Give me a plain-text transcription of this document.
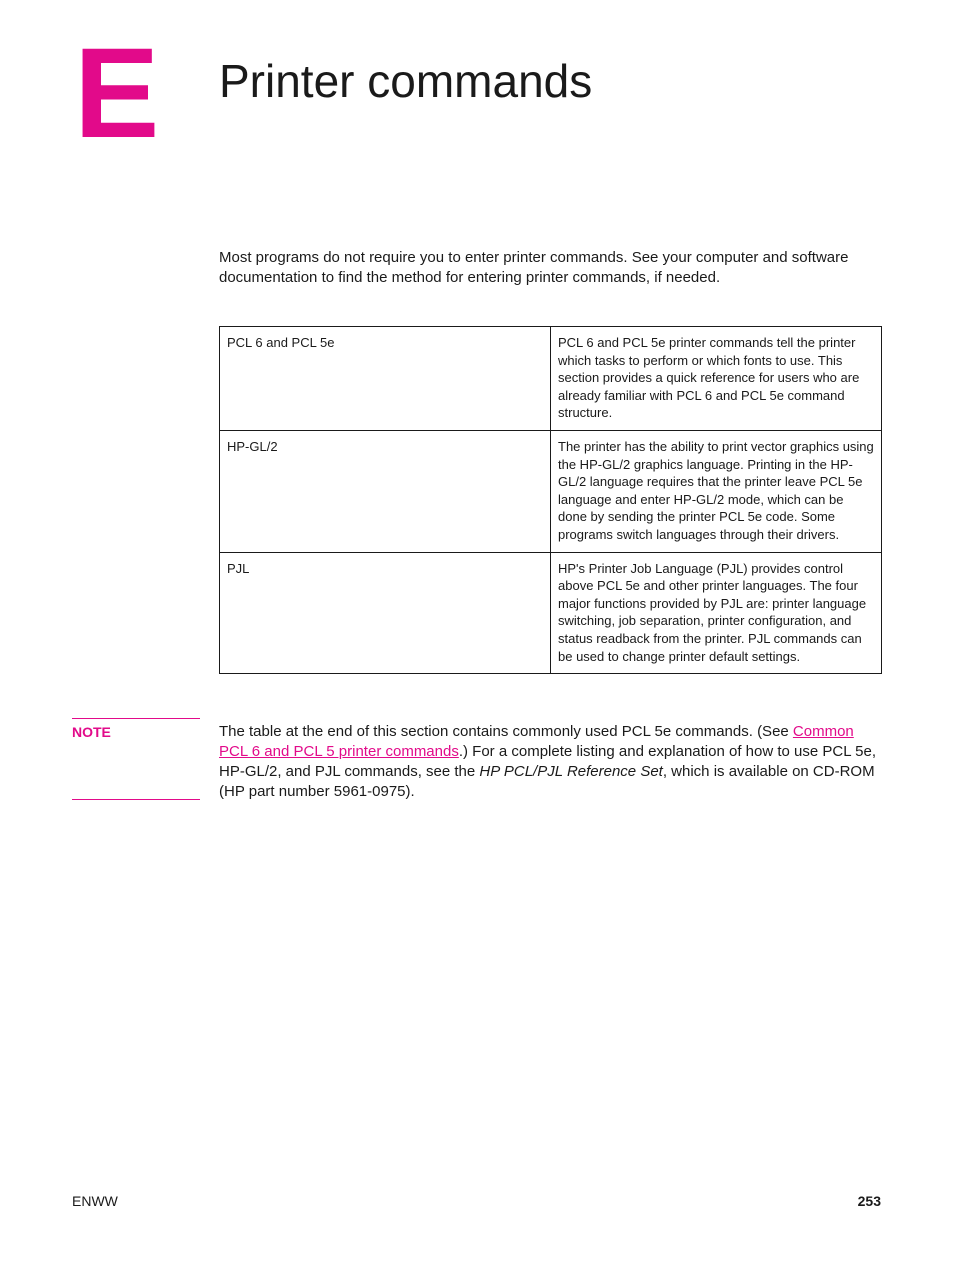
E Printer commands

Most programs do not require you to enter printer commands. See your computer and software documentation to find the method for entering printer commands, if needed.

PCL 6 and PCL 5e	PCL 6 and PCL 5e printer commands tell the printer which tasks to perform or which fonts to use. This section provides a quick reference for users who are already familiar with PCL 6 and PCL 5e command structure.
HP-GL/2	The printer has the ability to print vector graphics using the HP-GL/2 graphics language. Printing in the HP-GL/2 language requires that the printer leave PCL 5e language and enter HP-GL/2 mode, which can be done by sending the printer PCL 5e code. Some programs switch languages through their drivers.
PJL	HP's Printer Job Language (PJL) provides control above PCL 5e and other printer languages. The four major functions provided by PJL are: printer language switching, job separation, printer configuration, and status readback from the printer. PJL commands can be used to change printer default settings.
NOTE	The table at the end of this section contains commonly used PCL 5e commands. (See Common PCL 6 and PCL 5 printer commands.) For a complete listing and explanation of how to use PCL 5e, HP-GL/2, and PJL commands, see the HP PCL/PJL Reference Set, which is available on CD-ROM (HP part number 5961-0975).

ENWW	253
